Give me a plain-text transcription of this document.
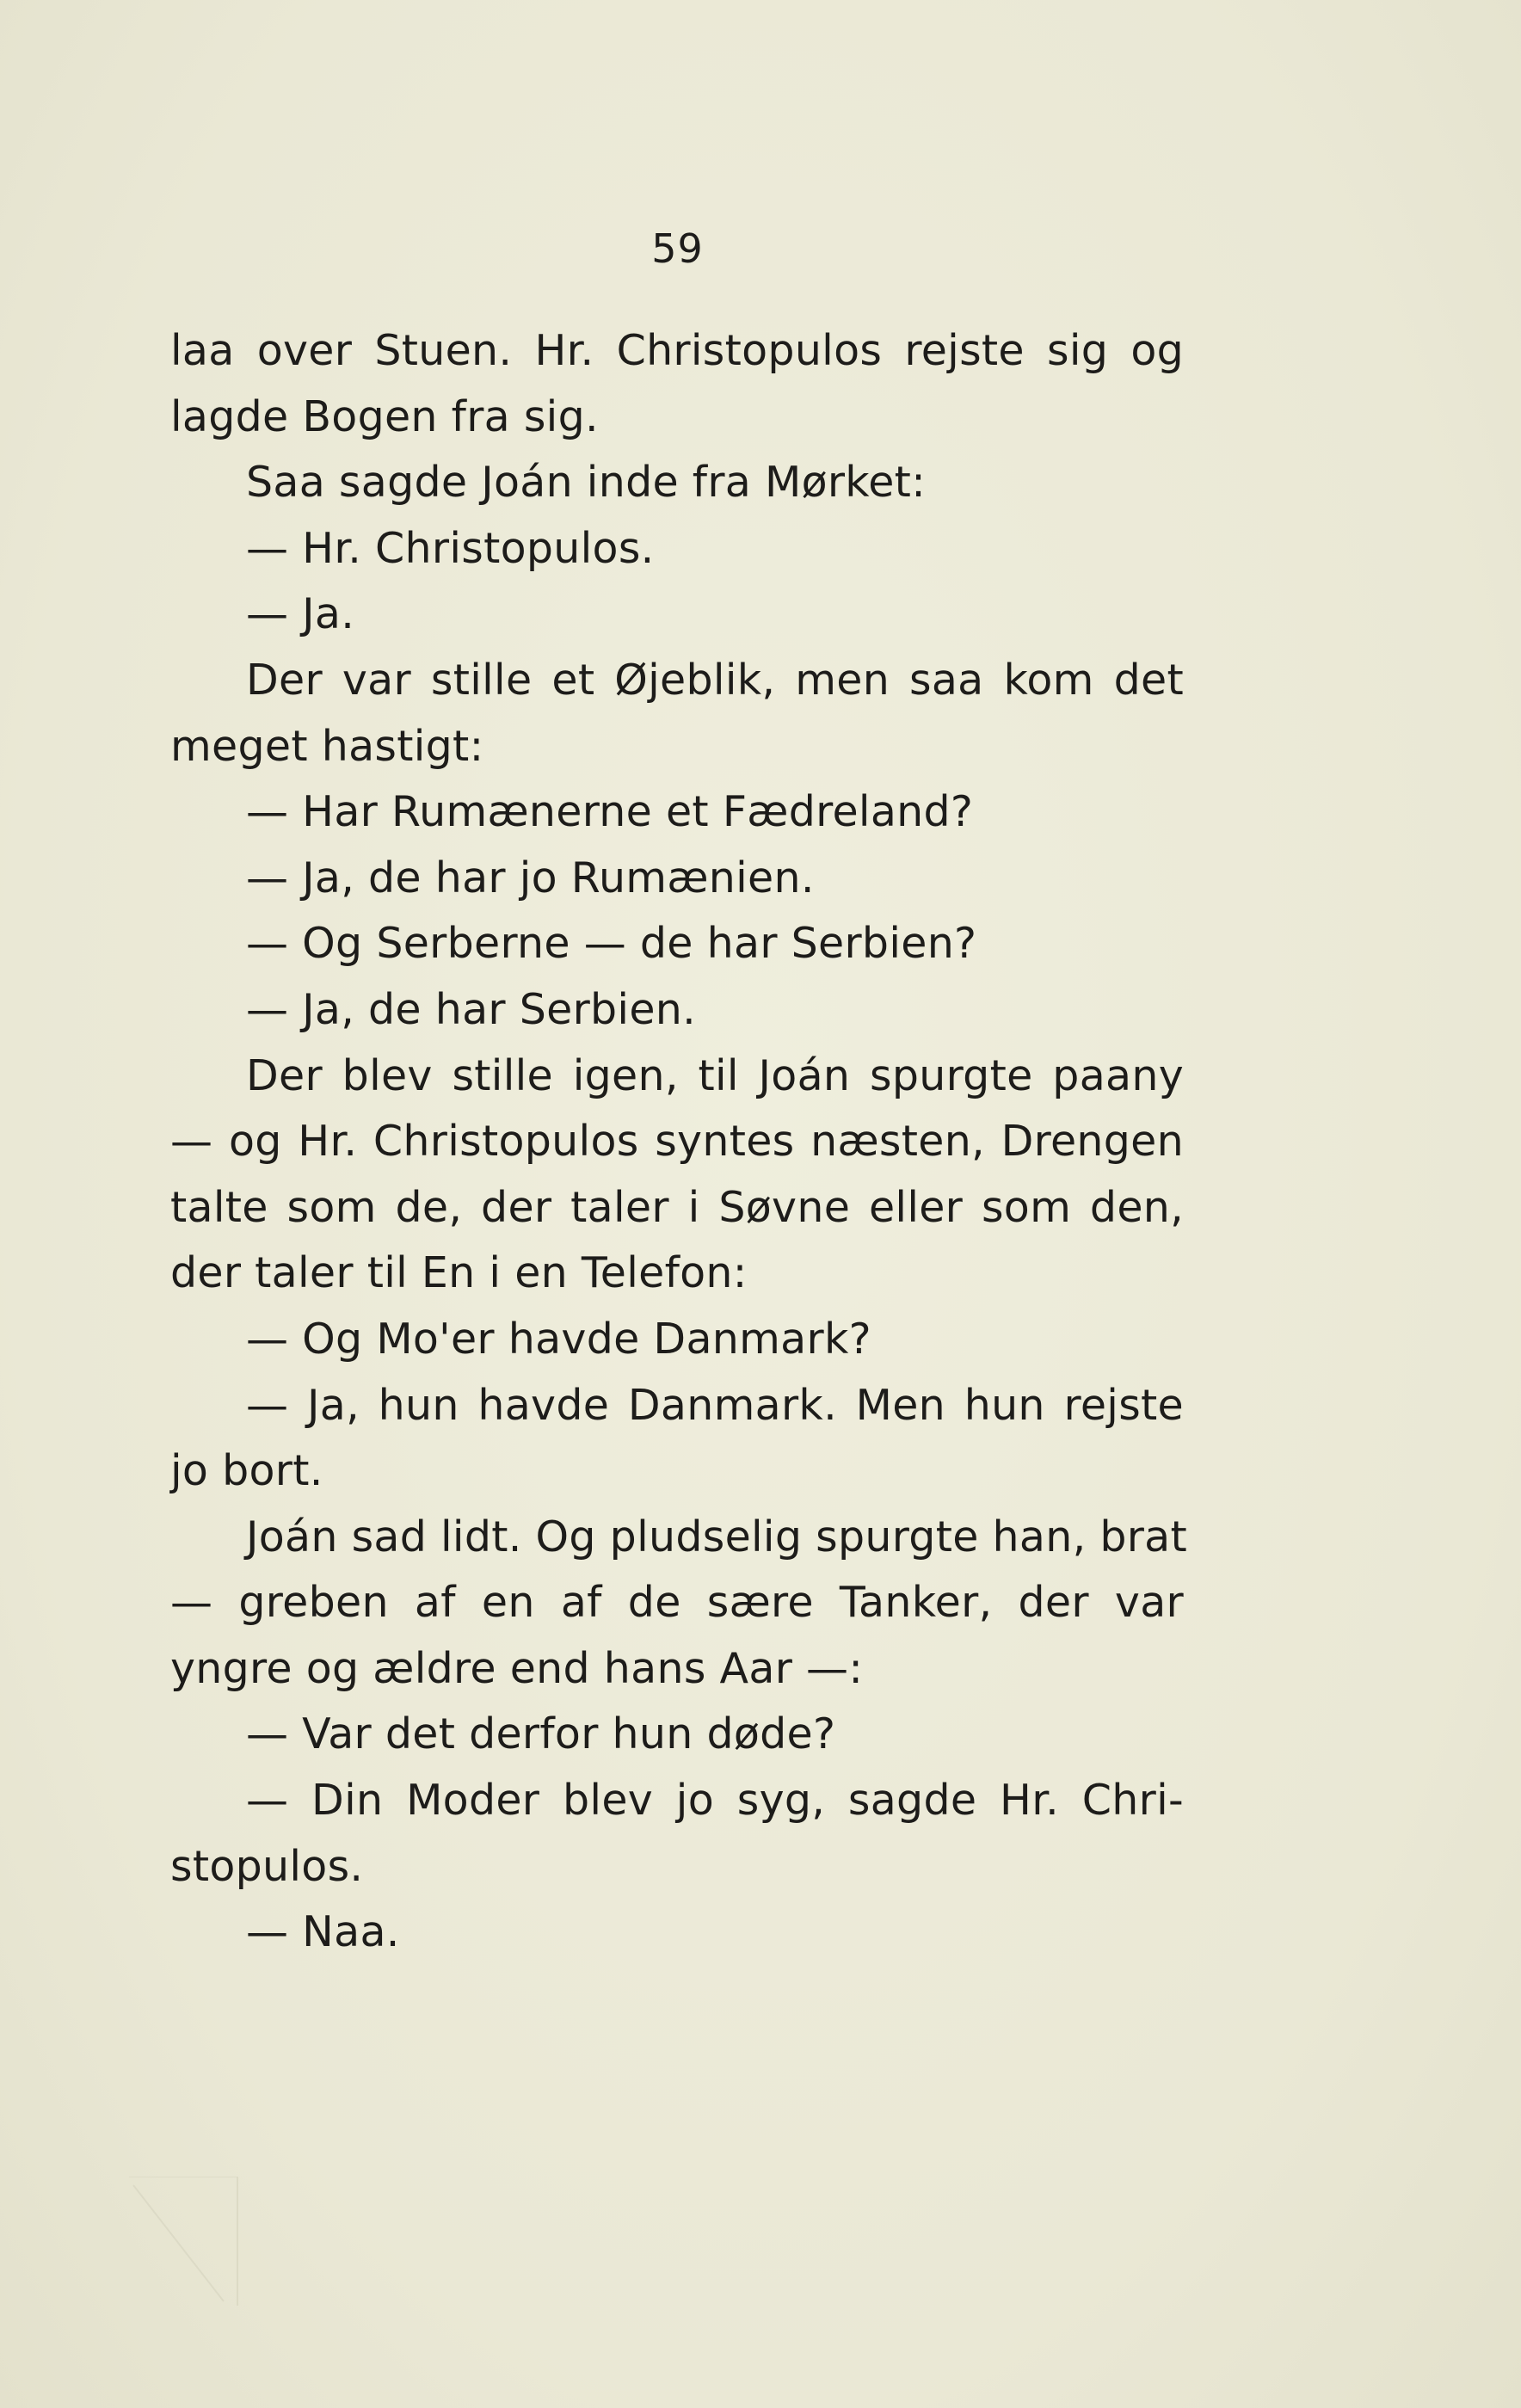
59
laa over Stuen. Hr. Christopulos rejste sig og
lagde Bogen fra sig.
Saa sagde Joán inde fra Mørket:
— Hr. Christopulos.
— Ja.
Der var stille et Øjeblik, men saa kom det
meget hastigt:
— Har Rumænerne et Fædreland?
— Ja, de har jo Rumænien.
— Og Serberne — de har Serbien?
— Ja, de har Serbien.
Der blev stille igen, til Joán spurgte paany
— og Hr. Christopulos syntes næsten, Drengen
talte som de, der taler i Søvne eller som den,
der taler til En i en Telefon:
— Og Mo'er havde Danmark?
— Ja, hun havde Danmark. Men hun rejste
jo bort.
Joán sad lidt. Og pludselig spurgte han, brat
— greben af en af de sære Tanker, der var
yngre og ældre end hans Aar —:
— Var det derfor hun døde?
— Din Moder blev jo syg, sagde Hr. Chri-
stopulos.
— Naa.
